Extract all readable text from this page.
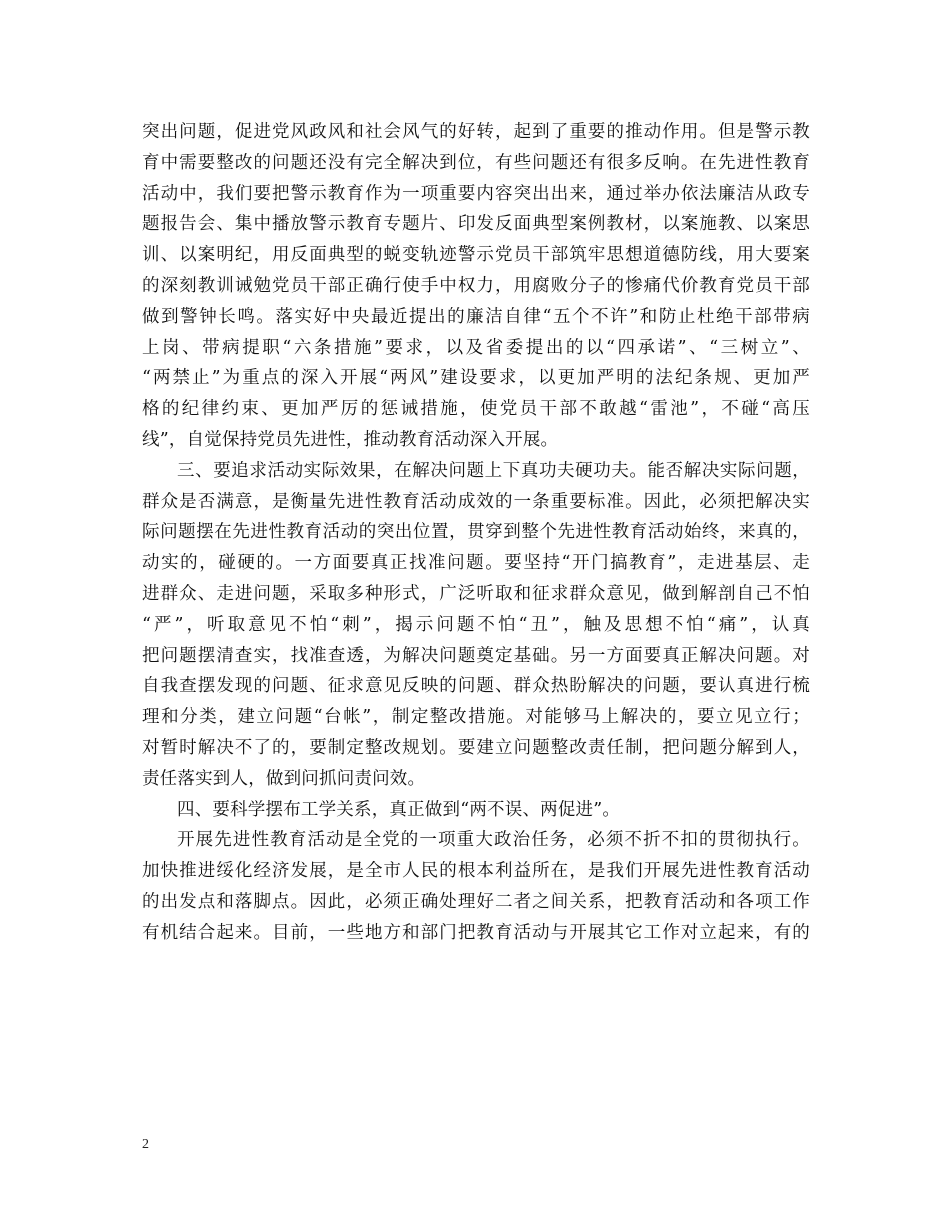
突出问题，促进党风政风和社会风气的好转，起到了重要的推动作用。但是警示教
育中需要整改的问题还没有完全解决到位，有些问题还有很多反响。在先进性教育
活动中，我们要把警示教育作为一项重要内容突出出来，通过举办依法廉洁从政专
题报告会、集中播放警示教育专题片、印发反面典型案例教材，以案施教、以案思
训、以案明纪，用反面典型的蜕变轨迹警示党员干部筑牢思想道德防线，用大要案
的深刻教训诫勉党员干部正确行使手中权力，用腐败分子的惨痛代价教育党员干部
做到警钟长鸣。落实好中央最近提出的廉洁自律“五个不许”和防止杜绝干部带病
上岗、带病提职“六条措施”要求，以及省委提出的以“四承诺”、“三树立”、
“两禁止”为重点的深入开展“两风”建设要求，以更加严明的法纪条规、更加严
格的纪律约束、更加严厉的惩诫措施，使党员干部不敢越“雷池”，不碰“高压
线”，自觉保持党员先进性，推动教育活动深入开展。
三、要追求活动实际效果，在解决问题上下真功夫硬功夫。能否解决实际问题，
群众是否满意，是衡量先进性教育活动成效的一条重要标准。因此，必须把解决实
际问题摆在先进性教育活动的突出位置，贯穿到整个先进性教育活动始终，来真的，
动实的，碰硬的。一方面要真正找准问题。要坚持“开门搞教育”，走进基层、走
进群众、走进问题，采取多种形式，广泛听取和征求群众意见，做到解剖自己不怕
“严”，听取意见不怕“刺”，揭示问题不怕“丑”，触及思想不怕“痛”，认真
把问题摆清查实，找准查透，为解决问题奠定基础。另一方面要真正解决问题。对
自我查摆发现的问题、征求意见反映的问题、群众热盼解决的问题，要认真进行梳
理和分类，建立问题“台帐”，制定整改措施。对能够马上解决的，要立见立行；
对暂时解决不了的，要制定整改规划。要建立问题整改责任制，把问题分解到人，
责任落实到人，做到问抓问责问效。
四、要科学摆布工学关系，真正做到“两不误、两促进”。
开展先进性教育活动是全党的一项重大政治任务，必须不折不扣的贯彻执行。
加快推进绥化经济发展，是全市人民的根本利益所在，是我们开展先进性教育活动
的出发点和落脚点。因此，必须正确处理好二者之间关系，把教育活动和各项工作
有机结合起来。目前，一些地方和部门把教育活动与开展其它工作对立起来，有的
2
